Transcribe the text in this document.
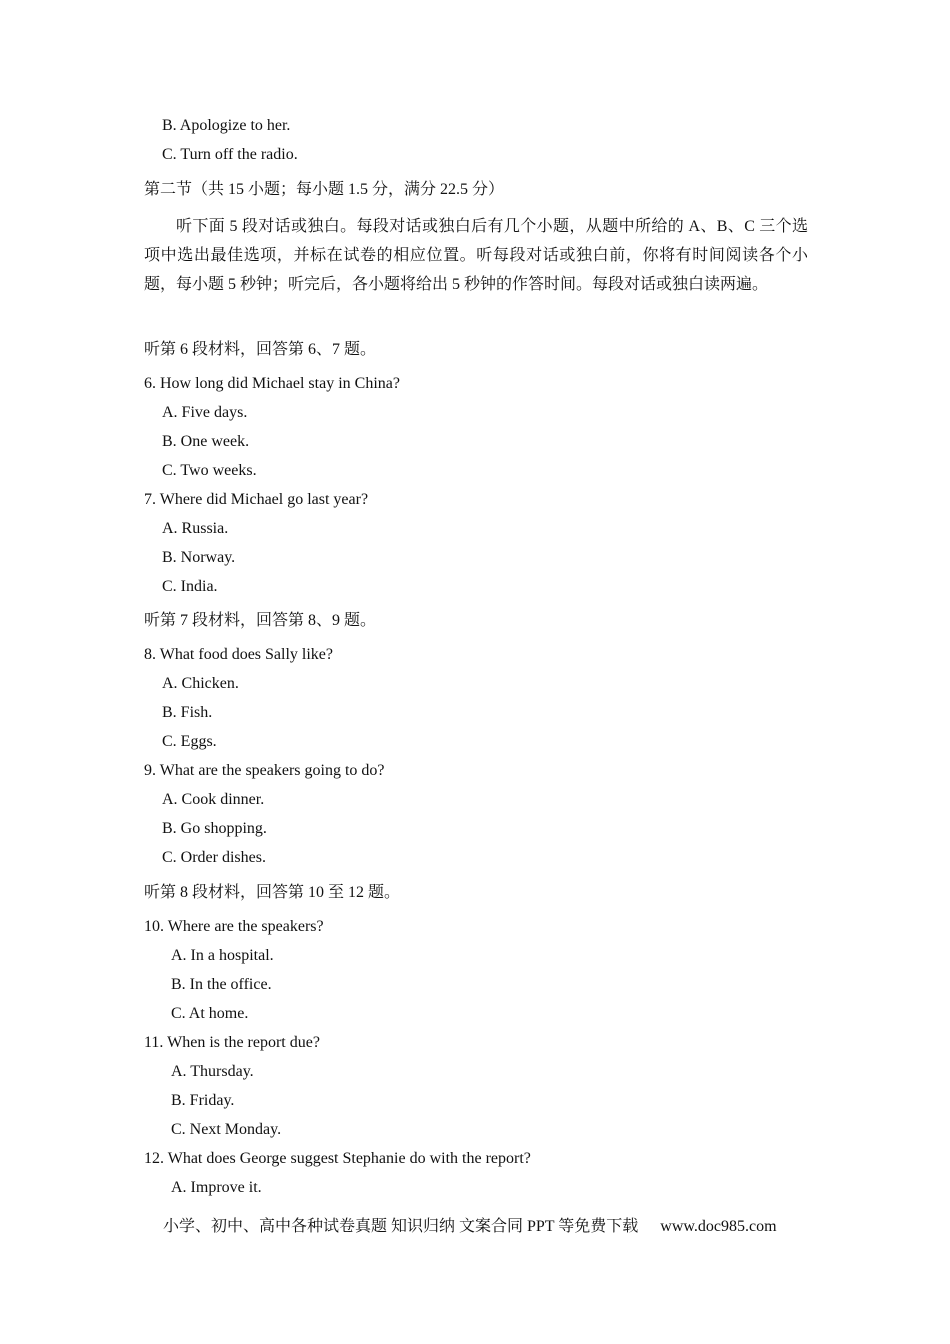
B. Apologize to her.
C. Turn off the radio.
第二节（共 15 小题；每小题 1.5 分，满分 22.5 分）
听下面 5 段对话或独白。每段对话或独白后有几个小题，从题中所给的 A、B、C 三个选项中选出最佳选项，并标在试卷的相应位置。听每段对话或独白前，你将有时间阅读各个小题，每小题 5 秒钟；听完后，各小题将给出 5 秒钟的作答时间。每段对话或独白读两遍。
听第 6 段材料，回答第 6、7 题。
6. How long did Michael stay in China?
A. Five days.
B. One week.
C. Two weeks.
7. Where did Michael go last year?
A. Russia.
B. Norway.
C. India.
听第 7 段材料，回答第 8、9 题。
8. What food does Sally like?
A. Chicken.
B. Fish.
C. Eggs.
9. What are the speakers going to do?
A. Cook dinner.
B. Go shopping.
C. Order dishes.
听第 8 段材料，回答第 10 至 12 题。
10. Where are the speakers?
A. In a hospital.
B. In the office.
C. At home.
11. When is the report due?
A. Thursday.
B. Friday.
C. Next Monday.
12. What does George suggest Stephanie do with the report?
A. Improve it.
小学、初中、高中各种试卷真题 知识归纳 文案合同 PPT 等免费下载 www.doc985.com
